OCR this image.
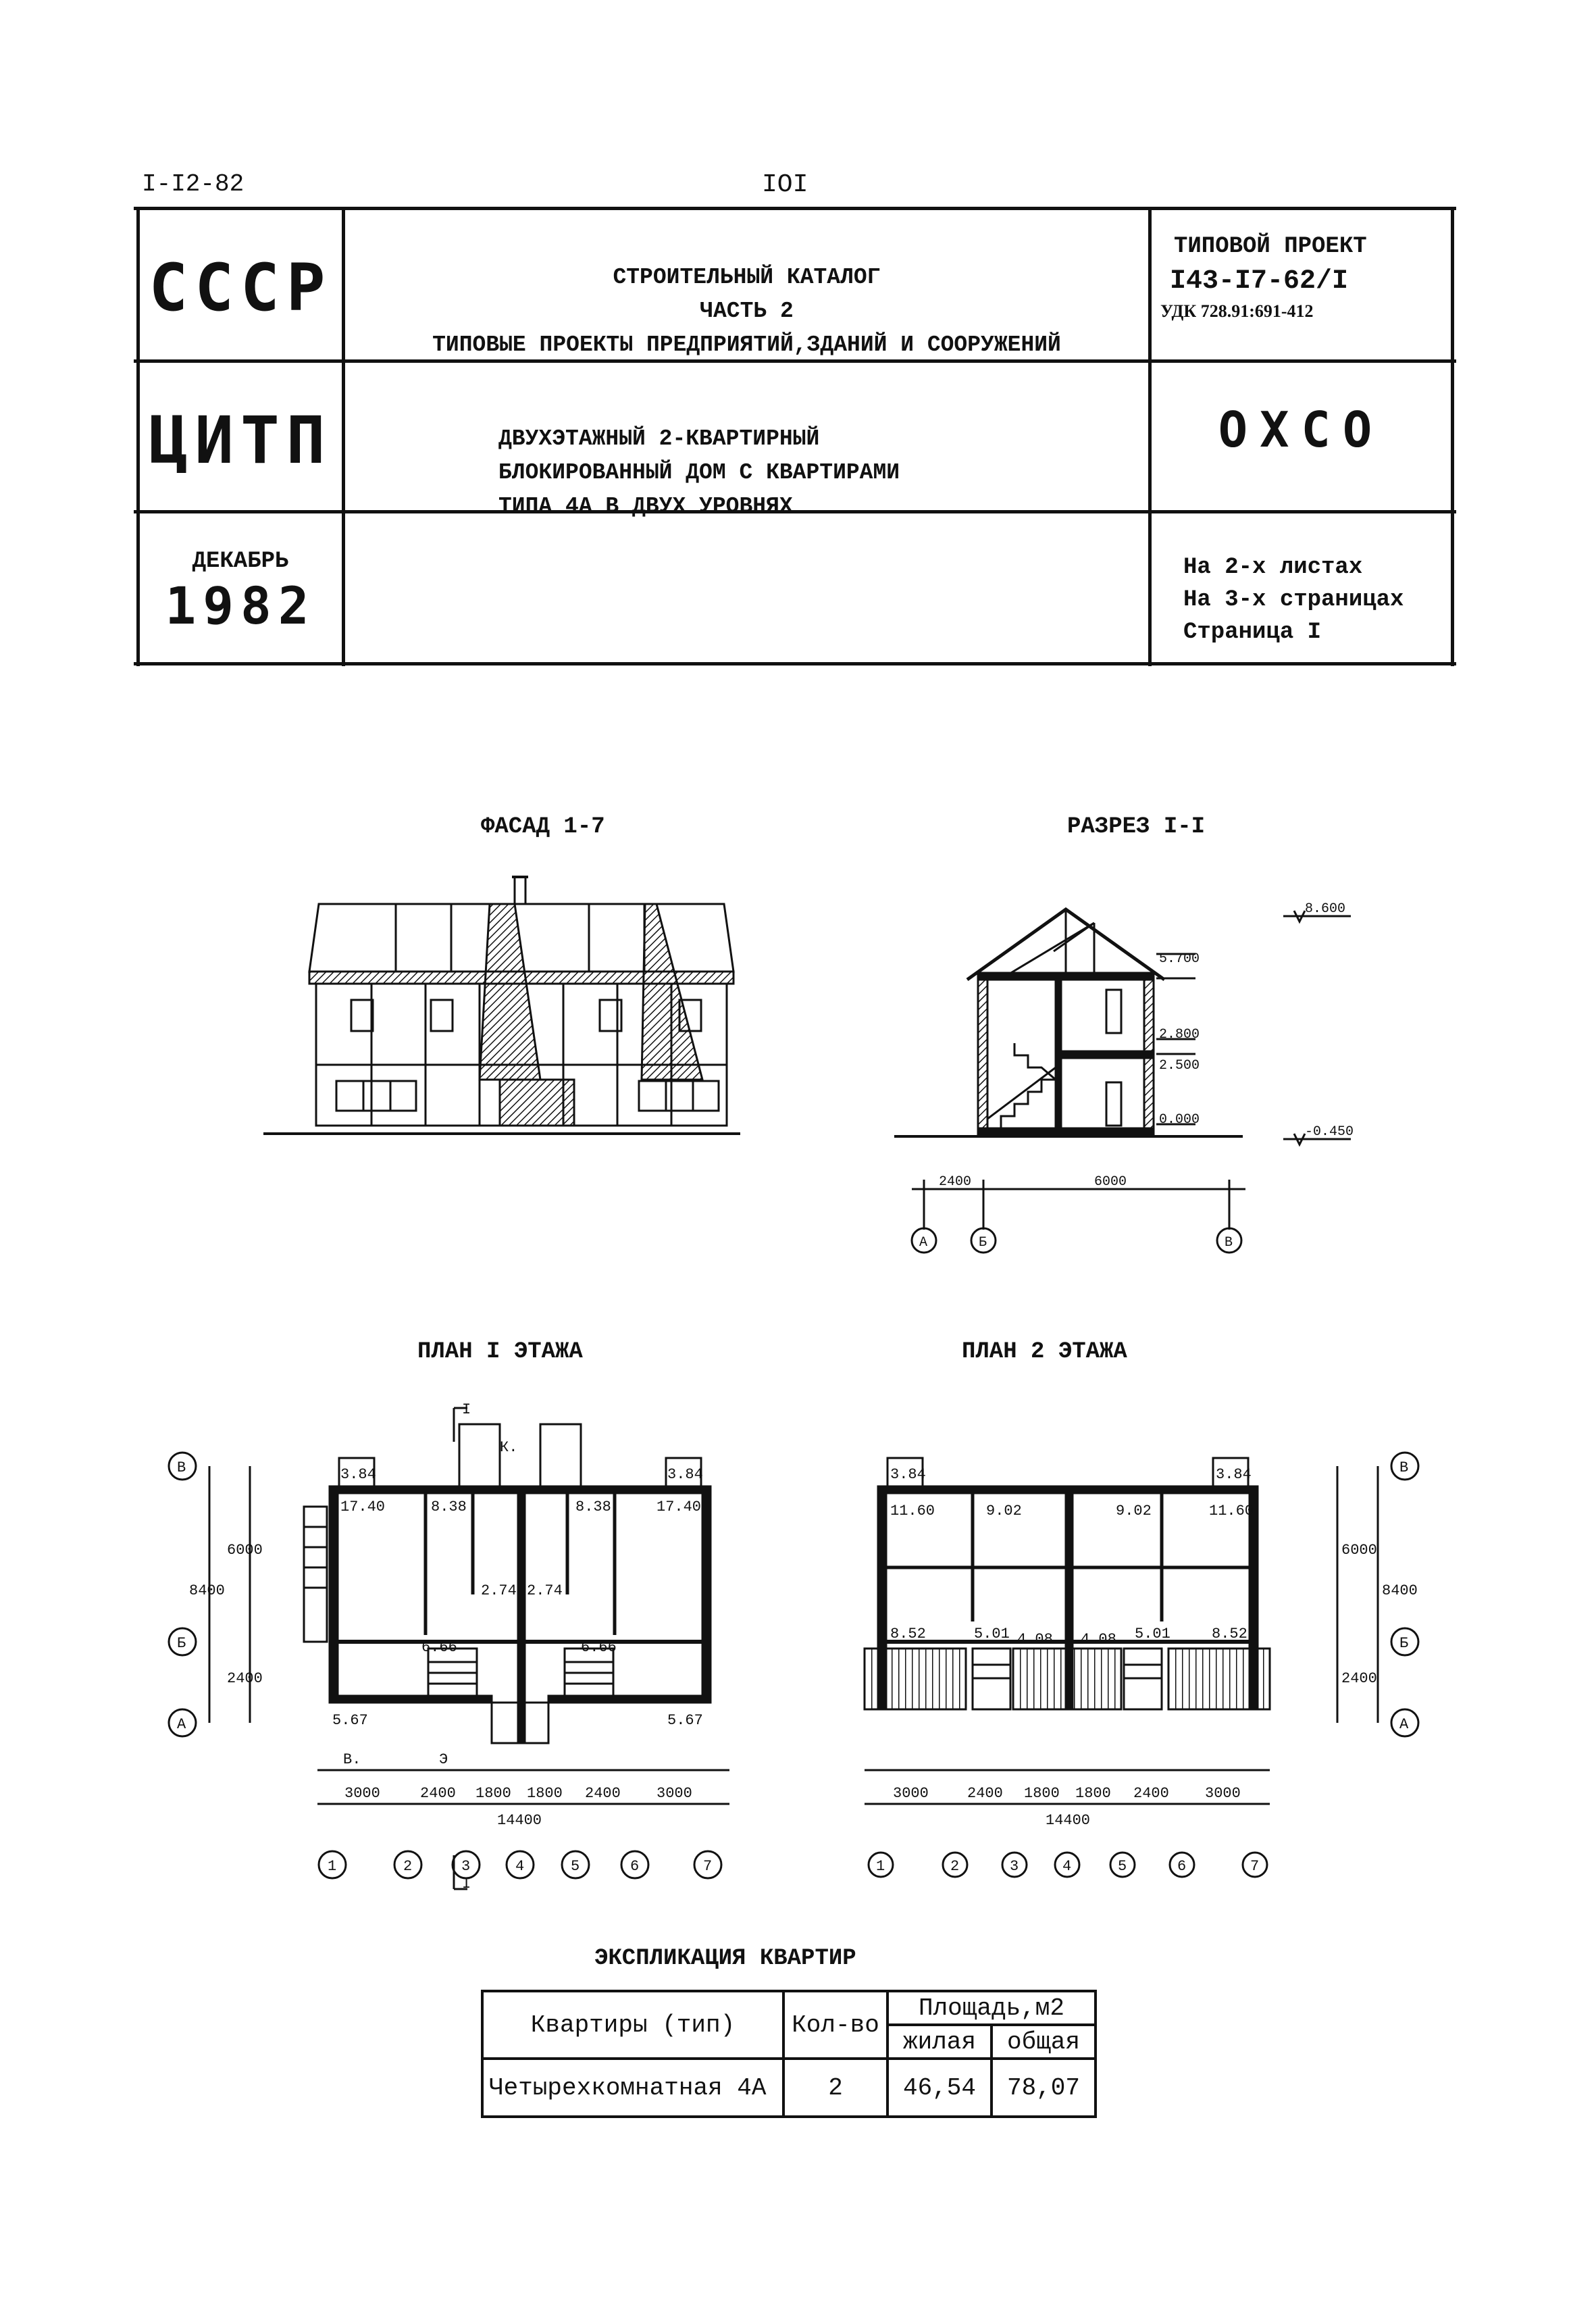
I-I2-82	IOI
СССР
ЦИТП
ДЕКАБРЬ
1982
СТРОИТЕЛЬНЫЙ КАТАЛОГ
ЧАСТЬ 2
ТИПОВЫЕ ПРОЕКТЫ ПРЕДПРИЯТИЙ,ЗДАНИЙ И СООРУЖЕНИЙ
ДВУХЭТАЖНЫЙ 2-КВАРТИРНЫЙ
БЛОКИРОВАННЫЙ ДОМ С КВАРТИРАМИ
ТИПА 4А В ДВУХ УРОВНЯХ
ТИПОВОЙ ПРОЕКТ
I43-I7-62/I
УДК 728.91:691-412
ОХСО
На 2-х листах
На 3-х страницах
Страница I
ФАСАД 1-7	РАЗРЕЗ I-I
ПЛАН I ЭТАЖА	ПЛАН 2 ЭТАЖА
5.700
2.800
2.500
0.000
8.600
-0.450
2400	6000
А	Б	В
3.84	3.84
17.40	17.40
8.38	8.38
2.74 2.74
6.66	6.66
5.67	5.67
К.
В.	Э
3000	2400 1800 1800 2400 3000
14400
1	2	3	4	5	6	7
В
Б
А
8400
6000
2400
I
I
3.84	3.84
11.60	11.60
9.02	9.02
4.08 4.08
5.01	5.01
8.52	8.52
3000	2400 1800 1800 2400 3000
14400
1	2	3	4	5	6	7
В
Б
А
8400
6000
2400
ЭКСПЛИКАЦИЯ КВАРТИР
Квартиры (тип)	Кол-во	Площадь,м2	
		жилая	общая
Четырехкомнатная 4А	2	46,54	78,07
